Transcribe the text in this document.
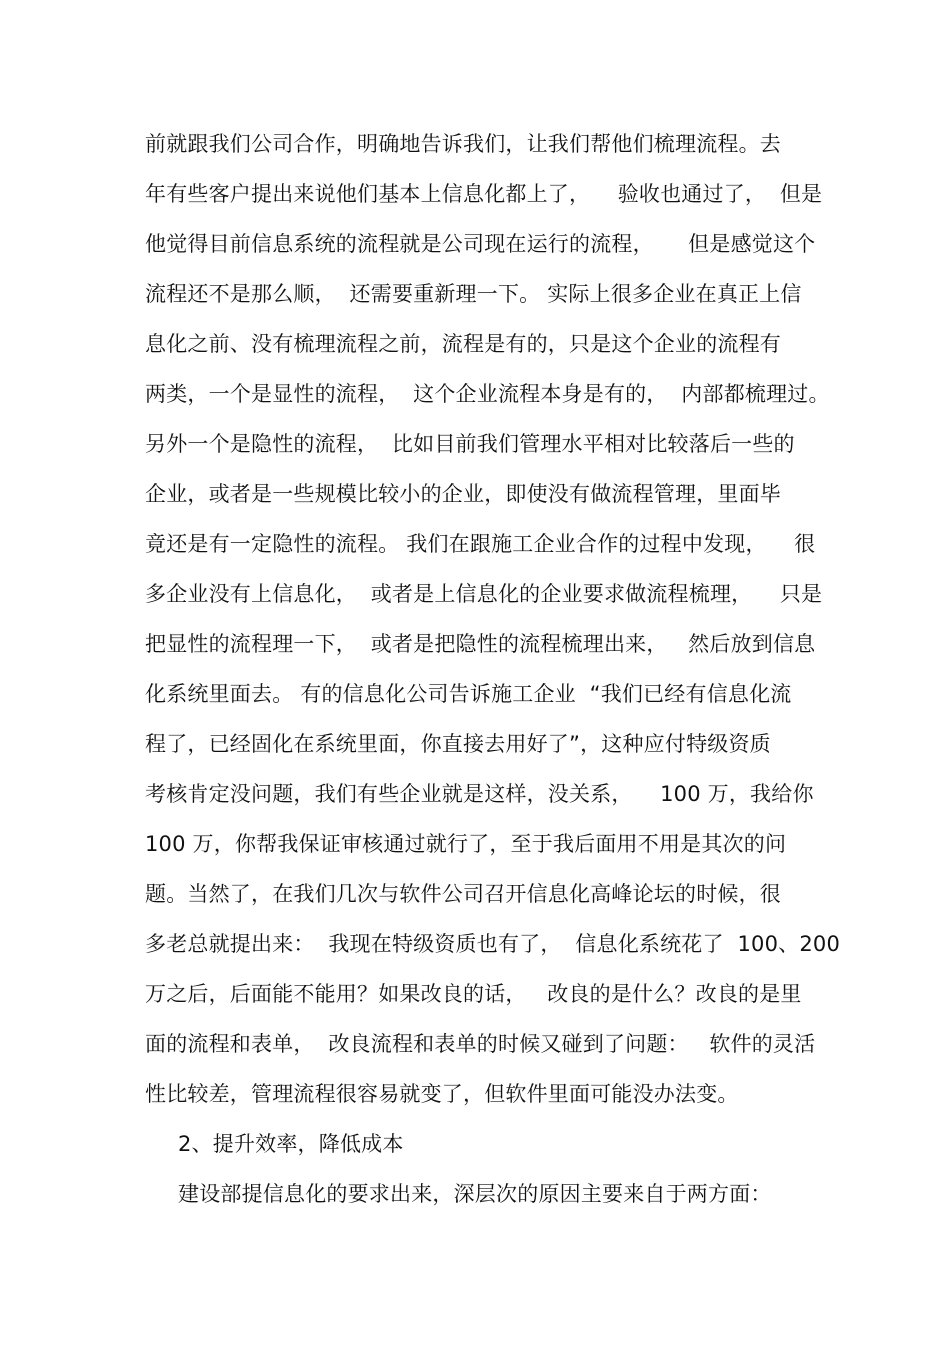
前就跟我们公司合作，明确地告诉我们，让我们帮他们梳理流程。去
年有些客户提出来说他们基本上信息化都上了，    验收也通过了，  但是
他觉得目前信息系统的流程就是公司现在运行的流程，     但是感觉这个
流程还不是那么顺，  还需要重新理一下。 实际上很多企业在真正上信
息化之前、没有梳理流程之前，流程是有的，只是这个企业的流程有
两类，一个是显性的流程，  这个企业流程本身是有的，  内部都梳理过。
另外一个是隐性的流程，  比如目前我们管理水平相对比较落后一些的
企业，或者是一些规模比较小的企业，即使没有做流程管理，里面毕
竟还是有一定隐性的流程。 我们在跟施工企业合作的过程中发现，    很
多企业没有上信息化，  或者是上信息化的企业要求做流程梳理，    只是
把显性的流程理一下，  或者是把隐性的流程梳理出来，   然后放到信息
化系统里面去。 有的信息化公司告诉施工企业  “我们已经有信息化流
程了，已经固化在系统里面，你直接去用好了”，这种应付特级资质
考核肯定没问题，我们有些企业就是这样，没关系，    100 万，我给你
100 万，你帮我保证审核通过就行了，至于我后面用不用是其次的问
题。当然了，在我们几次与软件公司召开信息化高峰论坛的时候，很
多老总就提出来：  我现在特级资质也有了，  信息化系统花了  100、200
万之后，后面能不能用？如果改良的话，   改良的是什么？改良的是里
面的流程和表单，  改良流程和表单的时候又碰到了问题：   软件的灵活
性比较差，管理流程很容易就变了，但软件里面可能没办法变。
2、提升效率，降低成本
建设部提信息化的要求出来，深层次的原因主要来自于两方面：
